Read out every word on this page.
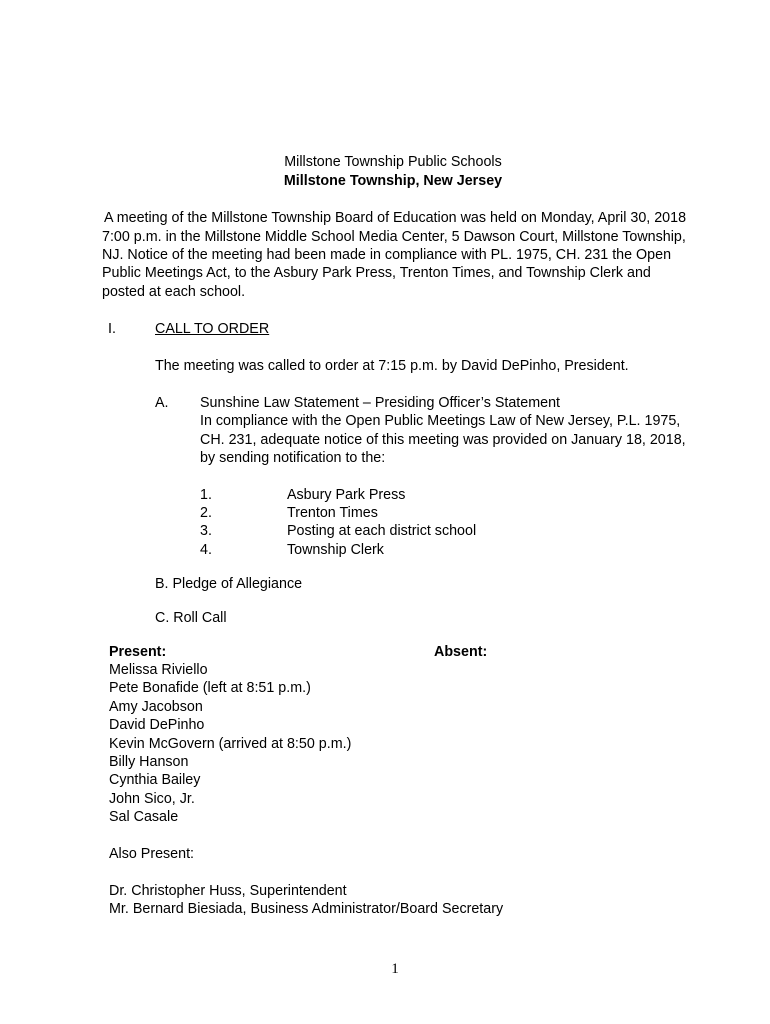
Millstone Township Public Schools
Millstone Township, New Jersey
A meeting of the Millstone Township Board of Education was held on Monday, April 30, 2018
7:00 p.m. in the Millstone Middle School Media Center, 5 Dawson Court, Millstone Township,
NJ. Notice of the meeting had been made in compliance with PL. 1975, CH. 231 the Open
Public Meetings Act, to the Asbury Park Press, Trenton Times, and Township Clerk and
posted at each school.
I.	CALL TO ORDER
The meeting was called to order at 7:15 p.m. by David DePinho, President.
A. Sunshine Law Statement – Presiding Officer’s Statement
In compliance with the Open Public Meetings Law of New Jersey, P.L. 1975,
CH. 231, adequate notice of this meeting was provided on January 18, 2018,
by sending notification to the:
1.	Asbury Park Press
2.	Trenton Times
3.	Posting at each district school
4.	Township Clerk
B. Pledge of Allegiance
C. Roll Call
Present:	Absent:
Melissa Riviello
Pete Bonafide (left at 8:51 p.m.)
Amy Jacobson
David DePinho
Kevin McGovern (arrived at 8:50 p.m.)
Billy Hanson
Cynthia Bailey
John Sico, Jr.
Sal Casale
Also Present:
Dr. Christopher Huss, Superintendent
Mr. Bernard Biesiada, Business Administrator/Board Secretary
1
